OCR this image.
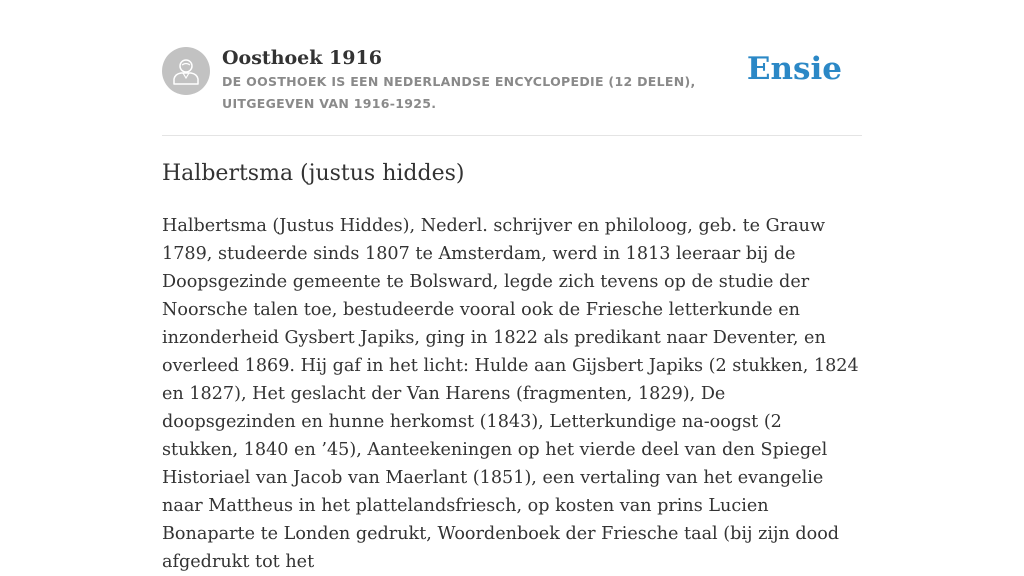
Oosthoek 1916

DE OOSTHOEK IS EEN NEDERLANDSE ENCYCLOPEDIE (12 DELEN), UITGEGEVEN VAN 1916-1925.

Ensie
Halbertsma (justus hiddes)

Halbertsma (Justus Hiddes), Nederl. schrijver en philoloog, geb. te Grauw 1789, studeerde sinds 1807 te Amsterdam, werd in 1813 leeraar bij de Doopsgezinde gemeente te Bolsward, legde zich tevens op de studie der Noorsche talen toe, bestudeerde vooral ook de Friesche letterkunde en inzonderheid Gysbert Japiks, ging in 1822 als predikant naar Deventer, en overleed 1869. Hij gaf in het licht: Hulde aan Gijsbert Japiks (2 stukken, 1824 en 1827), Het geslacht der Van Harens (fragmenten, 1829), De doopsgezinden en hunne herkomst (1843), Letterkundige na-oogst (2 stukken, 1840 en ’45), Aanteekeningen op het vierde deel van den Spiegel Historiael van Jacob van Maerlant (1851), een vertaling van het evangelie naar Mattheus in het plattelandsfriesch, op kosten van prins Lucien Bonaparte te Londen gedrukt, Woordenboek der Friesche taal (bij zijn dood afgedrukt tot het
